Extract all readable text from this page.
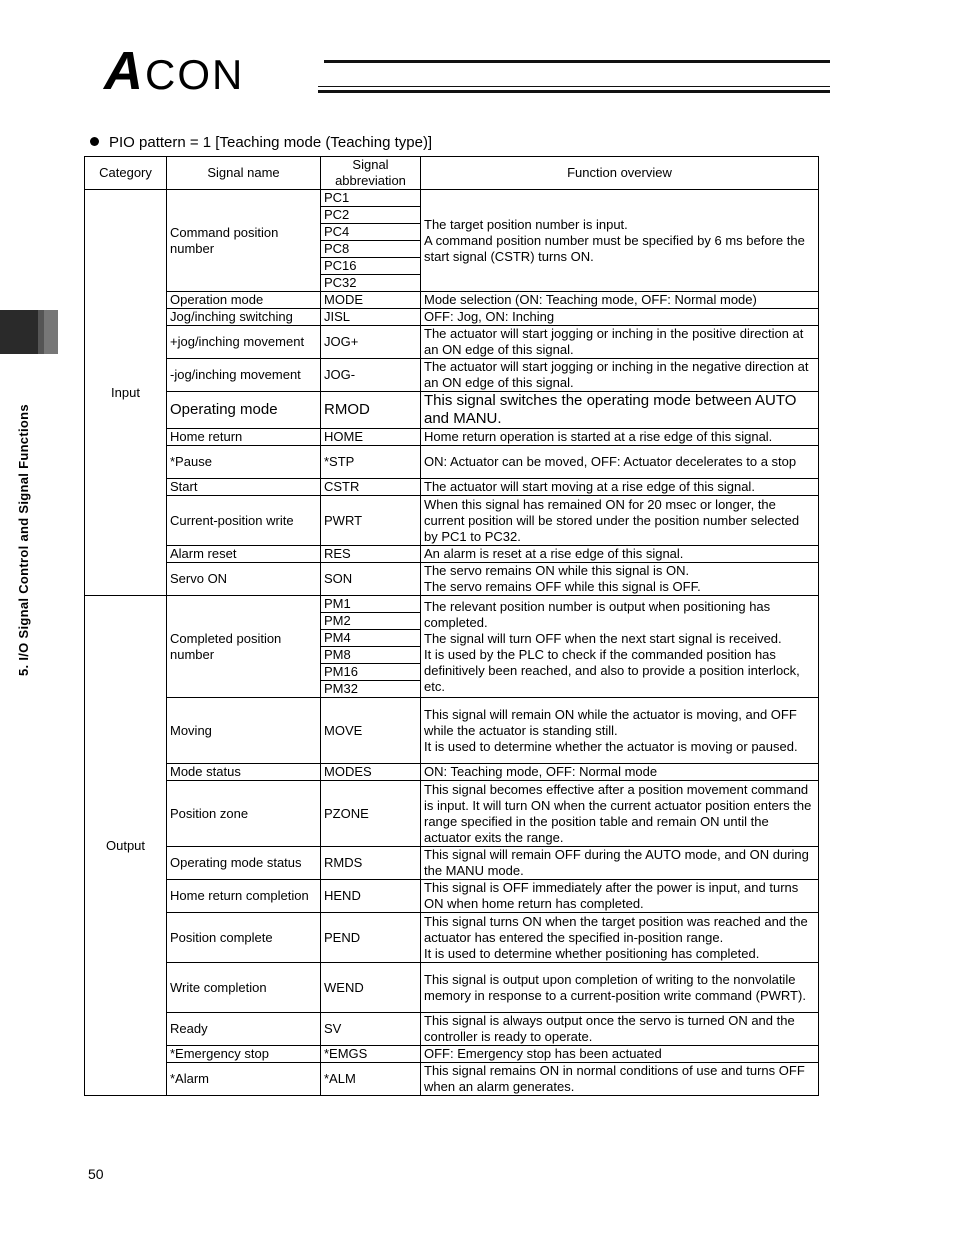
ACON
5. I/O Signal Control and Signal Functions
PIO pattern = 1 [Teaching mode (Teaching type)]
Category	Signal name	Signal abbreviation	Function overview
Input	Command position number	PC1	The target position number is input.
A command position number must be specified by 6 ms before the start signal (CSTR) turns ON.
		PC2	
		PC4	
		PC8	
		PC16	
		PC32	
	Operation mode	MODE	Mode selection (ON: Teaching mode, OFF: Normal mode)
	Jog/inching switching	JISL	OFF: Jog, ON: Inching
	+jog/inching movement	JOG+	The actuator will start jogging or inching in the positive direction at an ON edge of this signal.
	-jog/inching movement	JOG-	The actuator will start jogging or inching in the negative direction at an ON edge of this signal.
	Operating mode	RMOD	This signal switches the operating mode between AUTO and MANU.
	Home return	HOME	Home return operation is started at a rise edge of this signal.
	*Pause	*STP	ON: Actuator can be moved, OFF: Actuator decelerates to a stop
	Start	CSTR	The actuator will start moving at a rise edge of this signal.
	Current-position write	PWRT	When this signal has remained ON for 20 msec or longer, the current position will be stored under the position number selected by PC1 to PC32.
	Alarm reset	RES	An alarm is reset at a rise edge of this signal.
	Servo ON	SON	The servo remains ON while this signal is ON.
The servo remains OFF while this signal is OFF.
Output	Completed position number	PM1	The relevant position number is output when positioning has completed.
The signal will turn OFF when the next start signal is received.
It is used by the PLC to check if the commanded position has definitively been reached, and also to provide a position interlock, etc.
		PM2	
		PM4	
		PM8	
		PM16	
		PM32	
	Moving	MOVE	This signal will remain ON while the actuator is moving, and OFF while the actuator is standing still.
It is used to determine whether the actuator is moving or paused.
	Mode status	MODES	ON: Teaching mode, OFF: Normal mode
	Position zone	PZONE	This signal becomes effective after a position movement command is input. It will turn ON when the current actuator position enters the range specified in the position table and remain ON until the actuator exits the range.
	Operating mode status	RMDS	This signal will remain OFF during the AUTO mode, and ON during the MANU mode.
	Home return completion	HEND	This signal is OFF immediately after the power is input, and turns ON when home return has completed.
	Position complete	PEND	This signal turns ON when the target position was reached and the actuator has entered the specified in-position range.
It is used to determine whether positioning has completed.
	Write completion	WEND	This signal is output upon completion of writing to the nonvolatile memory in response to a current-position write command (PWRT).
	Ready	SV	This signal is always output once the servo is turned ON and the controller is ready to operate.
	*Emergency stop	*EMGS	OFF: Emergency stop has been actuated
	*Alarm	*ALM	This signal remains ON in normal conditions of use and turns OFF when an alarm generates.
50
